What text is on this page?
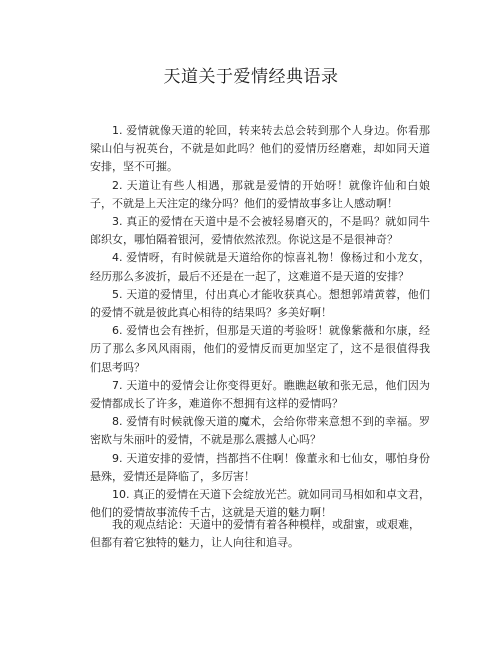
天道关于爱情经典语录

1. 爱情就像天道的轮回，转来转去总会转到那个人身边。你看那梁山伯与祝英台，不就是如此吗？他们的爱情历经磨难，却如同天道安排，坚不可摧。

2. 天道让有些人相遇，那就是爱情的开始呀！就像许仙和白娘子，不就是上天注定的缘分吗？他们的爱情故事多让人感动啊！

3. 真正的爱情在天道中是不会被轻易磨灭的，不是吗？就如同牛郎织女，哪怕隔着银河，爱情依然浓烈。你说这是不是很神奇？

4. 爱情呀，有时候就是天道给你的惊喜礼物！像杨过和小龙女，经历那么多波折，最后不还是在一起了，这难道不是天道的安排？

5. 天道的爱情里，付出真心才能收获真心。想想郭靖黄蓉，他们的爱情不就是彼此真心相待的结果吗？多美好啊！

6. 爱情也会有挫折，但那是天道的考验呀！就像紫薇和尔康，经历了那么多风风雨雨，他们的爱情反而更加坚定了，这不是很值得我们思考吗？

7. 天道中的爱情会让你变得更好。瞧瞧赵敏和张无忌，他们因为爱情都成长了许多，难道你不想拥有这样的爱情吗？

8. 爱情有时候就像天道的魔术，会给你带来意想不到的幸福。罗密欧与朱丽叶的爱情，不就是那么震撼人心吗？

9. 天道安排的爱情，挡都挡不住啊！像董永和七仙女，哪怕身份悬殊，爱情还是降临了，多厉害！

10. 真正的爱情在天道下会绽放光芒。就如同司马相如和卓文君，他们的爱情故事流传千古，这就是天道的魅力啊！

我的观点结论：天道中的爱情有着各种模样，或甜蜜，或艰难，但都有着它独特的魅力，让人向往和追寻。
